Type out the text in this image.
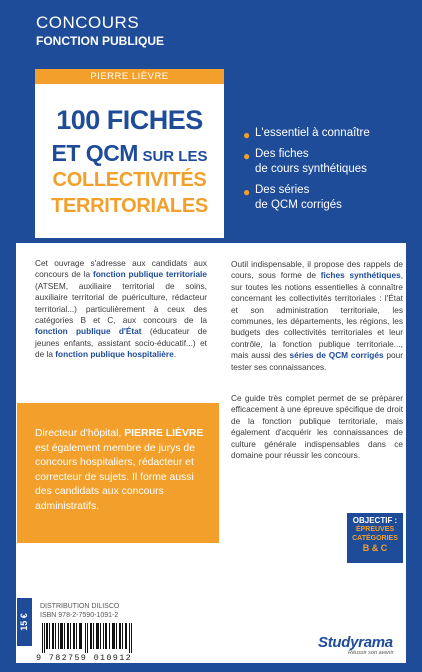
CONCOURS
FONCTION PUBLIQUE
PIERRE LIÈVRE
100 FICHES
ET QCM SUR LES
COLLECTIVITÉS
TERRITORIALES
● L'essentiel à connaître
● Des fiches
de cours synthétiques
● Des séries
de QCM corrigés
Cet ouvrage s'adresse aux candidats aux concours de la fonction publique territoriale (ATSEM, auxiliaire territorial de soins, auxiliaire territorial de puériculture, rédacteur territorial...) particulièrement à ceux des catégories B et C, aux concours de la fonction publique d'État (éducateur de jeunes enfants, assistant socio-éducatif...) et de la fonction publique hospitalière.
Directeur d'hôpital, PIERRE LIÈVRE est également membre de jurys de concours hospitaliers, rédacteur et correcteur de sujets. Il forme aussi des candidats aux concours administratifs.
15 €
DISTRIBUTION DILISCO
ISBN 978-2-7590-1091-2
9 782759 010912
Outil indispensable, il propose des rappels de cours, sous forme de fiches synthétiques, sur toutes les notions essentielles à connaître concernant les collectivités territoriales : l'État et son administration territoriale, les communes, les départements, les régions, les budgets des collectivités territoriales et leur contrôle, la fonction publique territoriale..., mais aussi des séries de QCM corrigés pour tester ses connaissances.
Ce guide très complet permet de se préparer efficacement à une épreuve spécifique de droit de la fonction publique territoriale, mais également d'acquérir les connaissances de culture générale indispensables dans ce domaine pour réussir les concours.
OBJECTIF :
ÉPREUVES
CATÉGORIES
B & C
Studyrama
Réussir son avenir
